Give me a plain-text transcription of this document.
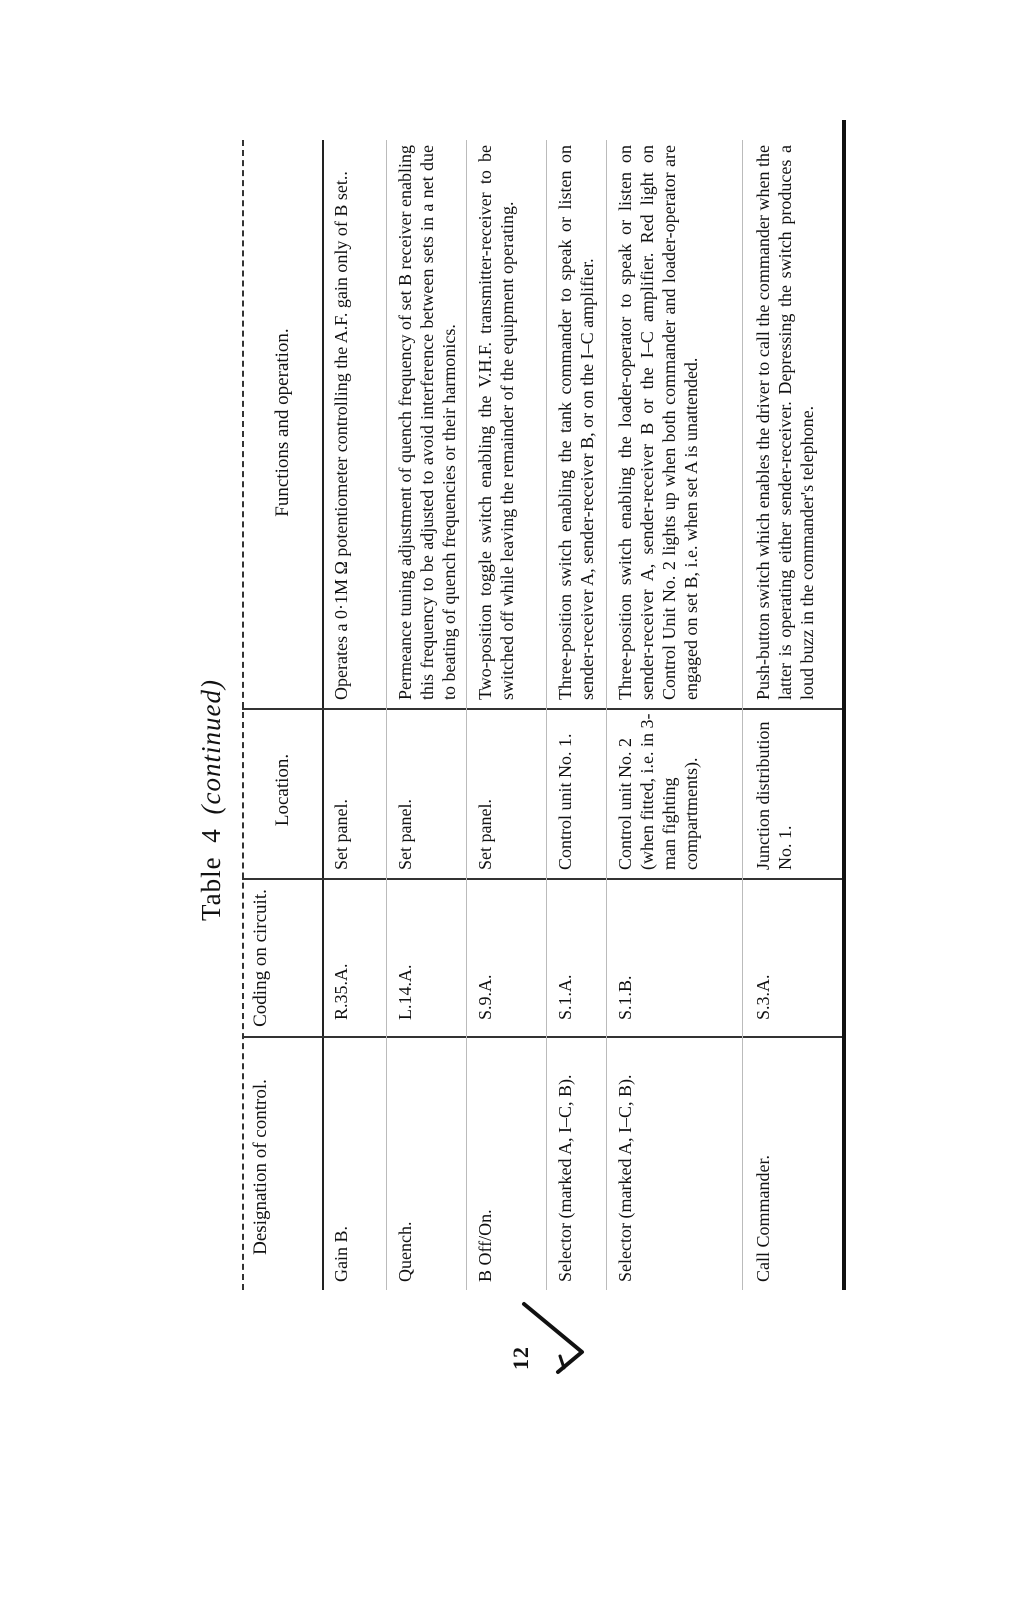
Table 4 (continued)
12
Designation of control.
Coding on circuit.
Location.
Functions and operation.
Gain B.
R.35.A.
Set panel.
Operates a 0·1M Ω potentiometer controlling the A.F. gain only of B set..
Quench.
L.14.A.
Set panel.
Permeance tuning adjustment of quench frequency of set B receiver enabling this frequency to be adjusted to avoid interference between sets in a net due to beating of quench frequencies or their harmonics.
B Off/On.
S.9.A.
Set panel.
Two-position toggle switch enabling the V.H.F. transmitter-receiver to be switched off while leaving the remainder of the equipment operating.
Selector (marked A, I–C, B).
S.1.A.
Control unit No. 1.
Three-position switch enabling the tank commander to speak or listen on sender-receiver A, sender-receiver B, or on the I–C amplifier.
Selector (marked A, I–C, B).
S.1.B.
Control unit No. 2 (when fitted, i.e. in 3-man fighting compartments).
Three-position switch enabling the loader-operator to speak or listen on sender-receiver A, sender-receiver B or the I–C amplifier. Red light on Control Unit No. 2 lights up when both commander and loader-operator are engaged on set B, i.e. when set A is unattended.
Call Commander.
S.3.A.
Junction distribution No. 1.
Push-button switch which enables the driver to call the commander when the latter is operating either sender-receiver. Depressing the switch produces a loud buzz in the commander's telephone.
